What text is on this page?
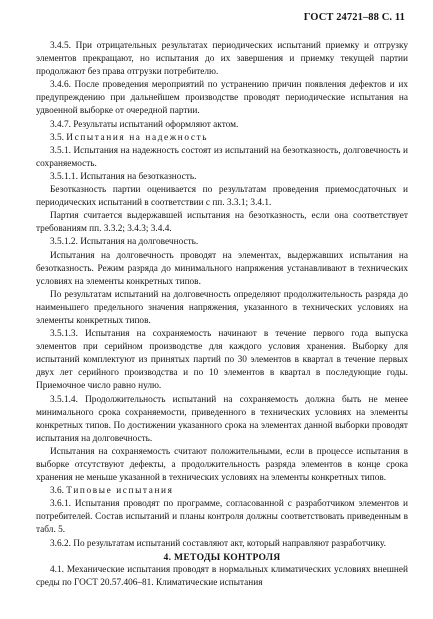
ГОСТ 24721–88 С. 11

3.4.5. При отрицательных результатах периодических испытаний приемку и отгрузку элементов прекращают, но испытания до их завершения и приемку текущей партии продолжают без права отгрузки потребителю.

3.4.6. После проведения мероприятий по устранению причин появления дефектов и их предупреждению при дальнейшем производстве проводят периодические испытания на удвоенной выборке от очередной партии.

3.4.7. Результаты испытаний оформляют актом.

3.5. Испытания на надежность

3.5.1. Испытания на надежность состоят из испытаний на безотказность, долговечность и сохраняемость.

3.5.1.1. Испытания на безотказность.

Безотказность партии оценивается по результатам проведения приемосдаточных и периодических испытаний в соответствии с пп. 3.3.1; 3.4.1.

Партия считается выдержавшей испытания на безотказность, если она соответствует требованиям пп. 3.3.2; 3.4.3; 3.4.4.

3.5.1.2. Испытания на долговечность.

Испытания на долговечность проводят на элементах, выдержавших испытания на безотказность. Режим разряда до минимального напряжения устанавливают в технических условиях на элементы конкретных типов.

По результатам испытаний на долговечность определяют продолжительность разряда до наименьшего предельного значения напряжения, указанного в технических условиях на элементы конкретных типов.

3.5.1.3. Испытания на сохраняемость начинают в течение первого года выпуска элементов при серийном производстве для каждого условия хранения. Выборку для испытаний комплектуют из принятых партий по 30 элементов в квартал в течение первых двух лет серийного производства и по 10 элементов в квартал в последующие годы. Приемочное число равно нулю.

3.5.1.4. Продолжительность испытаний на сохраняемость должна быть не менее минимального срока сохраняемости, приведенного в технических условиях на элементы конкретных типов. По достижении указанного срока на элементах данной выборки проводят испытания на долговечность.

Испытания на сохраняемость считают положительными, если в процессе испытания в выборке отсутствуют дефекты, а продолжительность разряда элементов в конце срока хранения не меньше указанной в технических условиях на элементы конкретных типов.

3.6. Типовые испытания

3.6.1. Испытания проводят по программе, согласованной с разработчиком элементов и потребителей. Состав испытаний и планы контроля должны соответствовать приведенным в табл. 5.

3.6.2. По результатам испытаний составляют акт, который направляют разработчику.

4. МЕТОДЫ КОНТРОЛЯ

4.1. Механические испытания проводят в нормальных климатических условиях внешней среды по ГОСТ 20.57.406–81. Климатические испытания
